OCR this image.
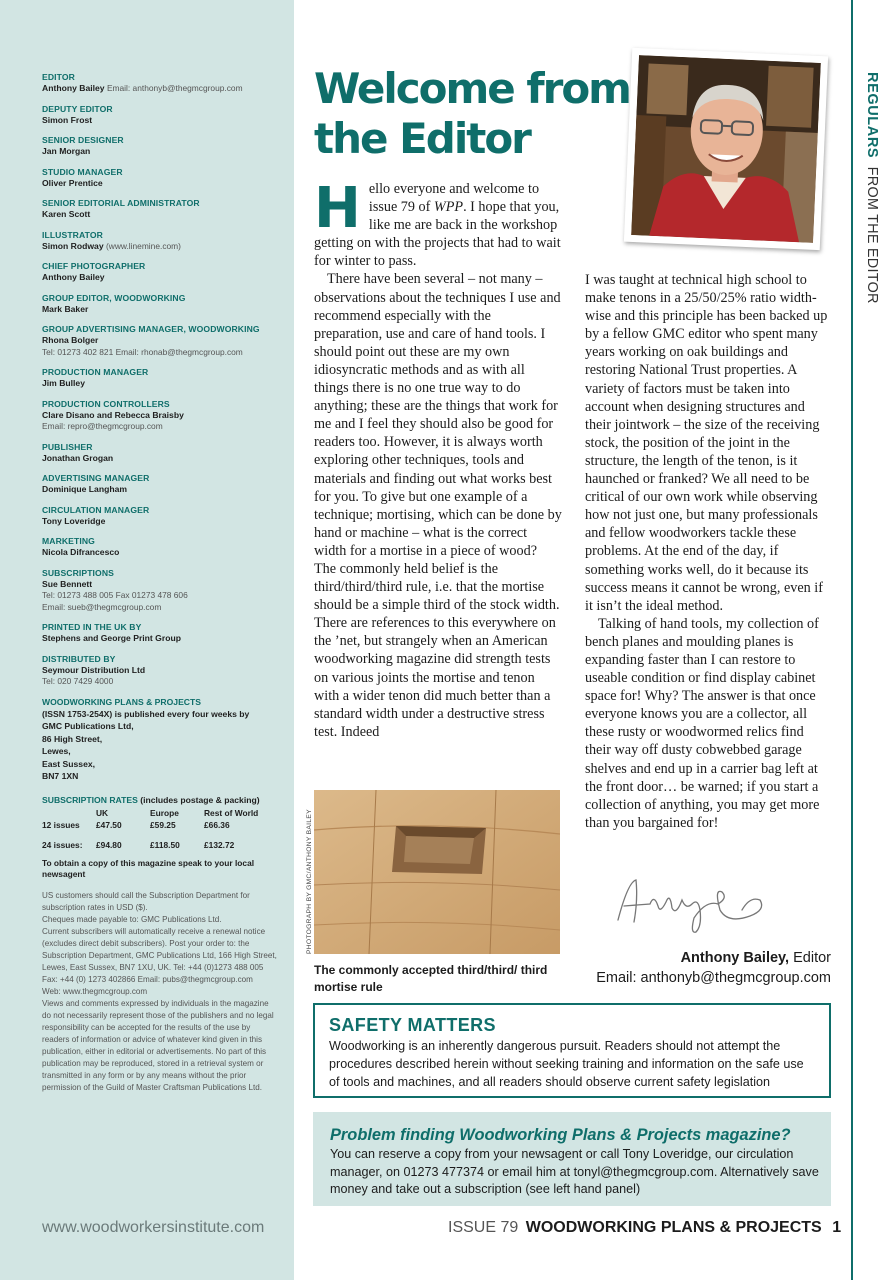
EDITOR
Anthony Bailey Email: anthonyb@thegmcgroup.com
DEPUTY EDITOR
Simon Frost
SENIOR DESIGNER
Jan Morgan
STUDIO MANAGER
Oliver Prentice
SENIOR EDITORIAL ADMINISTRATOR
Karen Scott
ILLUSTRATOR
Simon Rodway (www.linemine.com)
CHIEF PHOTOGRAPHER
Anthony Bailey
GROUP EDITOR, WOODWORKING
Mark Baker
GROUP ADVERTISING MANAGER, WOODWORKING
Rhona Bolger
Tel: 01273 402 821 Email: rhonab@thegmcgroup.com
PRODUCTION MANAGER
Jim Bulley
PRODUCTION CONTROLLERS
Clare Disano and Rebecca Braisby
Email: repro@thegmcgroup.com
PUBLISHER
Jonathan Grogan
ADVERTISING MANAGER
Dominique Langham
CIRCULATION MANAGER
Tony Loveridge
MARKETING
Nicola Difrancesco
SUBSCRIPTIONS
Sue Bennett
Tel: 01273 488 005 Fax 01273 478 606
Email: sueb@thegmcgroup.com
PRINTED IN THE UK BY
Stephens and George Print Group
DISTRIBUTED BY
Seymour Distribution Ltd
Tel: 020 7429 4000
WOODWORKING PLANS & PROJECTS
(ISSN 1753-254X) is published every four weeks by
GMC Publications Ltd,
86 High Street,
Lewes,
East Sussex,
BN7 1XN
SUBSCRIPTION RATES (includes postage & packing)
	UK	Europe	Rest of World
12 issues	£47.50	£59.25	£66.36

24 issues:	£94.80	£118.50	£132.72
To obtain a copy of this magazine speak to your local newsagent
US customers should call the Subscription Department for subscription rates in USD ($).
Cheques made payable to: GMC Publications Ltd.
Current subscribers will automatically receive a renewal notice (excludes direct debit subscribers). Post your order to: the Subscription Department, GMC Publications Ltd, 166 High Street, Lewes, East Sussex, BN7 1XU, UK. Tel: +44 (0)1273 488 005 Fax: +44 (0) 1273 402866 Email: pubs@thegmcgroup.com
Web: www.thegmcgroup.com
Views and comments expressed by individuals in the magazine do not necessarily represent those of the publishers and no legal responsibility can be accepted for the results of the use by readers of information or advice of whatever kind given in this publication, either in editorial or advertisements. No part of this publication may be reproduced, stored in a retrieval system or transmitted in any form or by any means without the prior permission of the Guild of Master Craftsman Publications Ltd.
www.woodworkersinstitute.com
REGULARS  FROM THE EDITOR
Welcome from the Editor

Hello everyone and welcome to issue 79 of WPP. I hope that you, like me are back in the workshop getting on with the projects that had to wait for winter to pass.

There have been several – not many – observations about the techniques I use and recommend especially with the preparation, use and care of hand tools. I should point out these are my own idiosyncratic methods and as with all things there is no one true way to do anything; these are the things that work for me and I feel they should also be good for readers too. However, it is always worth exploring other techniques, tools and materials and finding out what works best for you. To give but one example of a technique; mortising, which can be done by hand or machine – what is the correct width for a mortise in a piece of wood? The commonly held belief is the third/third/third rule, i.e. that the mortise should be a simple third of the stock width. There are references to this everywhere on the ’net, but strangely when an American woodworking magazine did strength tests on various joints the mortise and tenon with a wider tenon did much better than a standard width under a destructive stress test. Indeed

I was taught at technical high school to make tenons in a 25/50/25% ratio width-wise and this principle has been backed up by a fellow GMC editor who spent many years working on oak buildings and restoring National Trust properties. A variety of factors must be taken into account when designing structures and their jointwork – the size of the receiving stock, the position of the joint in the structure, the length of the tenon, is it haunched or franked? We all need to be critical of our own work while observing how not just one, but many professionals and fellow woodworkers tackle these problems. At the end of the day, if something works well, do it because its success means it cannot be wrong, even if it isn’t the ideal method.

Talking of hand tools, my collection of bench planes and moulding planes is expanding faster than I can restore to useable condition or find display cabinet space for! Why? The answer is that once everyone knows you are a collector, all these rusty or woodwormed relics find their way off dusty cobwebbed garage shelves and end up in a carrier bag left at the front door… be warned; if you start a collection of anything, you may get more than you bargained for!

PHOTOGRAPH BY GMC/ANTHONY BAILEY
The commonly accepted third/third/ third mortise rule
Anthony Bailey, Editor
Email: anthonyb@thegmcgroup.com
SAFETY MATTERS

Woodworking is an inherently dangerous pursuit. Readers should not attempt the procedures described herein without seeking training and information on the safe use of tools and machines, and all readers should observe current safety legislation

Problem finding Woodworking Plans & Projects magazine?

You can reserve a copy from your newsagent or call Tony Loveridge, our circulation manager, on 01273 477374 or email him at tonyl@thegmcgroup.com. Alternatively save money and take out a subscription (see left hand panel)

ISSUE 79 WOODWORKING PLANS & PROJECTS 1
